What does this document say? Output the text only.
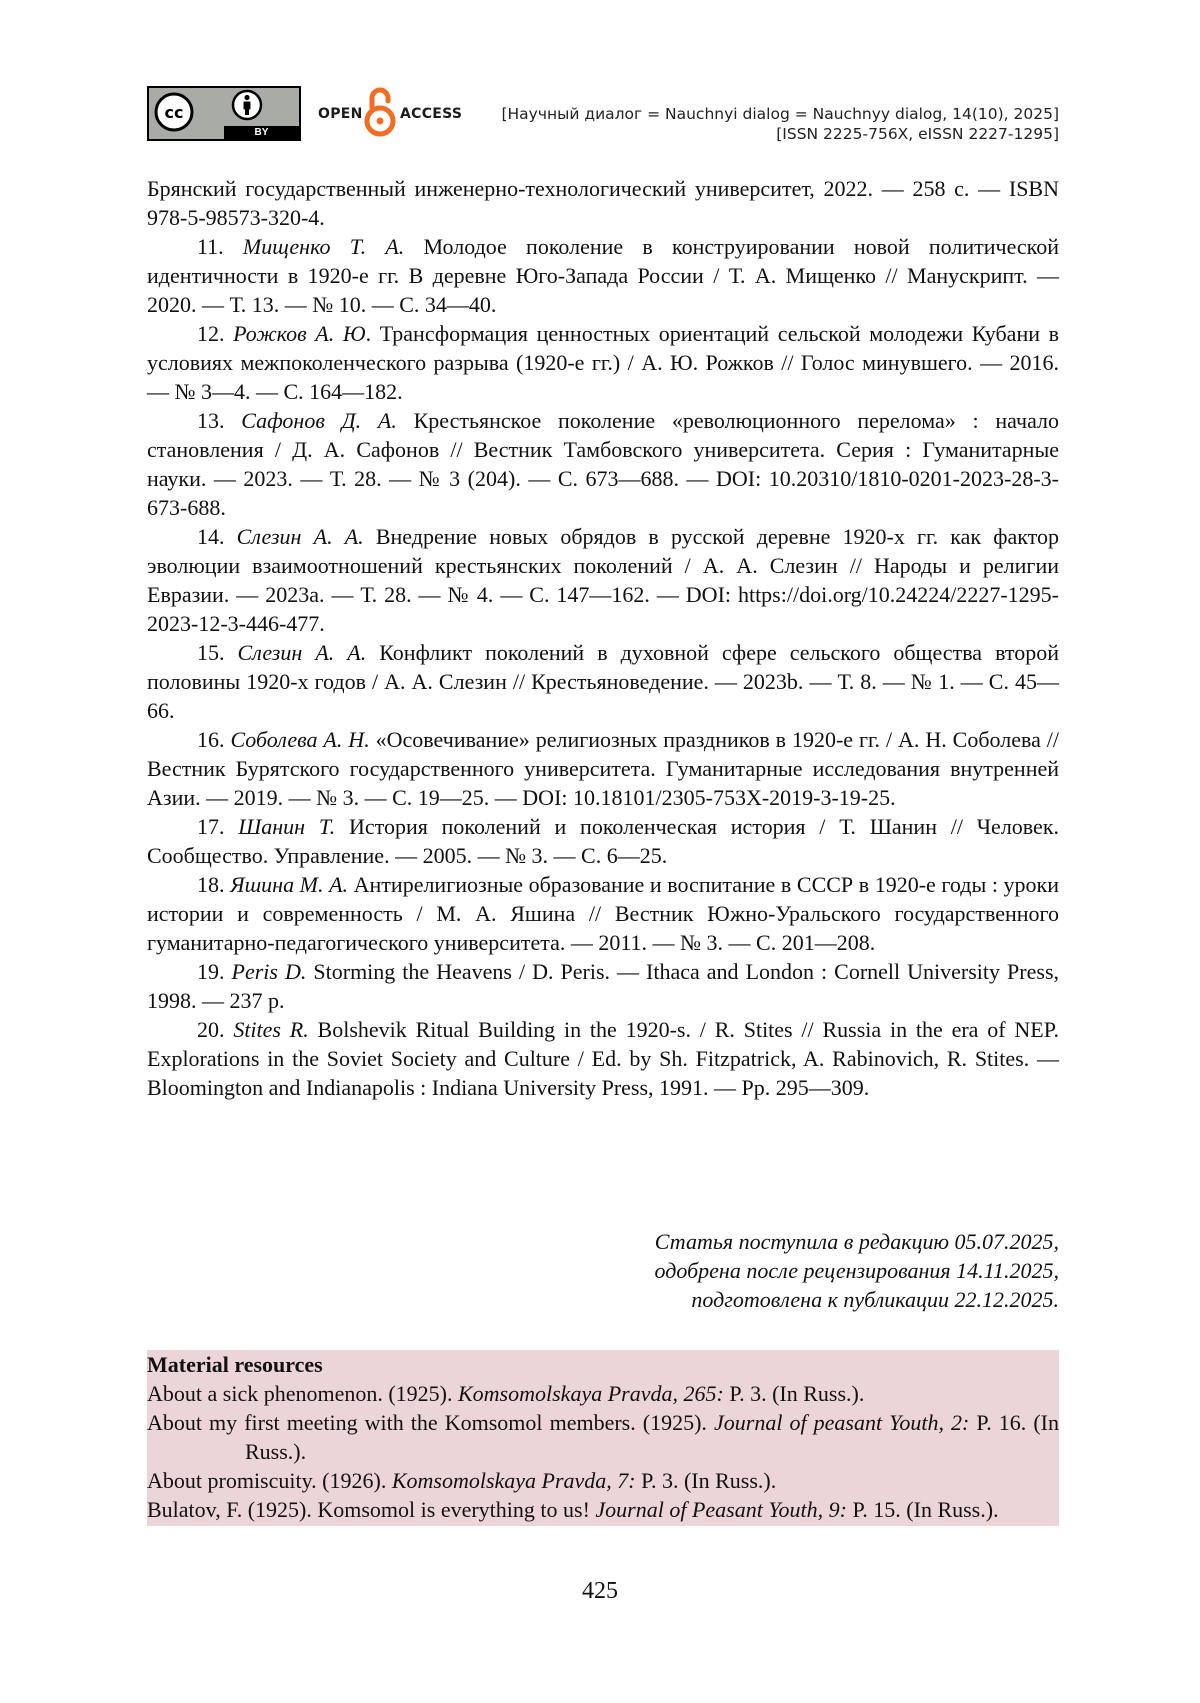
cc
BY
OPEN	ACCESS	[Научный диалог = Nauchnyi dialog = Nauchnyy dialog, 14(10), 2025]
[ISSN 2225-756X, eISSN 2227-1295]

Брянский государственный инженерно-технологический университет, 2022. — 258 с. — ISBN 978-5-98573-320-4.

11. Мищенко Т. А. Молодое поколение в конструировании новой политической идентичности в 1920-е гг. В деревне Юго-Запада России / Т. А. Мищенко // Манускрипт. — 2020. — Т. 13. — № 10. — С. 34—40.

12. Рожков А. Ю. Трансформация ценностных ориентаций сельской молодежи Кубани в условиях межпоколенческого разрыва (1920-е гг.) / А. Ю. Рожков // Голос минувшего. — 2016. — № 3—4. — С. 164—182.

13. Сафонов Д. А. Крестьянское поколение «революционного перелома» : начало становления / Д. А. Сафонов // Вестник Тамбовского университета. Серия : Гуманитарные науки. — 2023. — Т. 28. — № 3 (204). — С. 673—688. — DOI: 10.20310/1810-0201-2023-28-3-673-688.

14. Слезин А. А. Внедрение новых обрядов в русской деревне 1920-х гг. как фактор эволюции взаимоотношений крестьянских поколений / А. А. Слезин // Народы и религии Евразии. — 2023a. — Т. 28. — № 4. — С. 147—162. — DOI: https://doi.org/10.24224/2227-1295-2023-12-3-446-477.

15. Слезин А. А. Конфликт поколений в духовной сфере сельского общества второй половины 1920-х годов / А. А. Слезин // Крестьяноведение. — 2023b. — Т. 8. — № 1. — С. 45—66.

16. Соболева А. Н. «Осовечивание» религиозных праздников в 1920-е гг. / А. Н. Соболева // Вестник Бурятского государственного университета. Гуманитарные исследования внутренней Азии. — 2019. — № 3. — С. 19—25. — DOI: 10.18101/2305-753X-2019-3-19-25.

17. Шанин Т. История поколений и поколенческая история / Т. Шанин // Человек. Сообщество. Управление. — 2005. — № 3. — С. 6—25.

18. Яшина М. А. Антирелигиозные образование и воспитание в СССР в 1920-е годы : уроки истории и современность / М. А. Яшина // Вестник Южно-Уральского государственного гуманитарно-педагогического университета. — 2011. — № 3. — С. 201—208.

19. Peris D. Storming the Heavens / D. Peris. — Ithaca and London : Cornell University Press, 1998. — 237 p.

20. Stites R. Bolshevik Ritual Building in the 1920-s. / R. Stites // Russia in the era of NEP. Explorations in the Soviet Society and Culture / Ed. by Sh. Fitzpatrick, A. Rabinovich, R. Stites. — Bloomington and Indianapolis : Indiana University Press, 1991. — Pp. 295—309.

Статья поступила в редакцию 05.07.2025,
одобрена после рецензирования 14.11.2025,
подготовлена к публикации 22.12.2025.

Material resources

About a sick phenomenon. (1925). Komsomolskaya Pravda, 265: P. 3. (In Russ.).

About my first meeting with the Komsomol members. (1925). Journal of peasant Youth, 2: P. 16. (In Russ.).

About promiscuity. (1926). Komsomolskaya Pravda, 7: P. 3. (In Russ.).

Bulatov, F. (1925). Komsomol is everything to us! Journal of Peasant Youth, 9: P. 15. (In Russ.).

425
